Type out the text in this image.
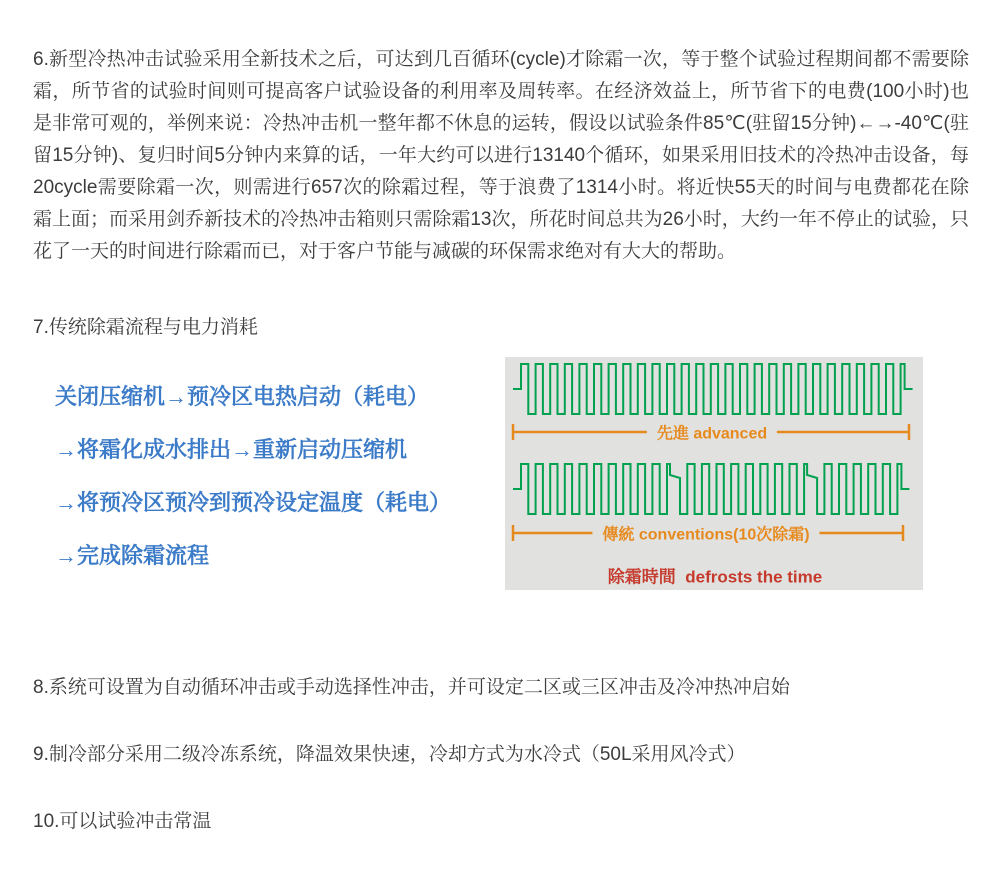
6.新型冷热冲击试验采用全新技术之后，可达到几百循环(cycle)才除霜一次，等于整个试验过程期间都不需要除霜，所节省的试验时间则可提高客户试验设备的利用率及周转率。在经济效益上，所节省下的电费(100小时)也是非常可观的，举例来说：冷热冲击机一整年都不休息的运转，假设以试验条件85℃(驻留15分钟)←→-40℃(驻留15分钟)、复归时间5分钟内来算的话，一年大约可以进行13140个循环，如果采用旧技术的冷热冲击设备，每20cycle需要除霜一次，则需进行657次的除霜过程，等于浪费了1314小时。将近快55天的时间与电费都花在除霜上面；而采用剑乔新技术的冷热冲击箱则只需除霜13次，所花时间总共为26小时，大约一年不停止的试验，只花了一天的时间进行除霜而已，对于客户节能与减碳的环保需求绝对有大大的帮助。

7.传统除霜流程与电力消耗
关闭压缩机→预冷区电热启动（耗电）
→将霜化成水排出→重新启动压缩机
→将预冷区预冷到预冷设定温度（耗电）
→完成除霜流程
先進 advanced
傳統 conventions(10次除霜)
除霜時間  defrosts the time

8.系统可设置为自动循环冲击或手动选择性冲击，并可设定二区或三区冲击及冷冲热冲启始

9.制冷部分采用二级冷冻系统，降温效果快速，冷却方式为水冷式（50L采用风冷式）

10.可以试验冲击常温
